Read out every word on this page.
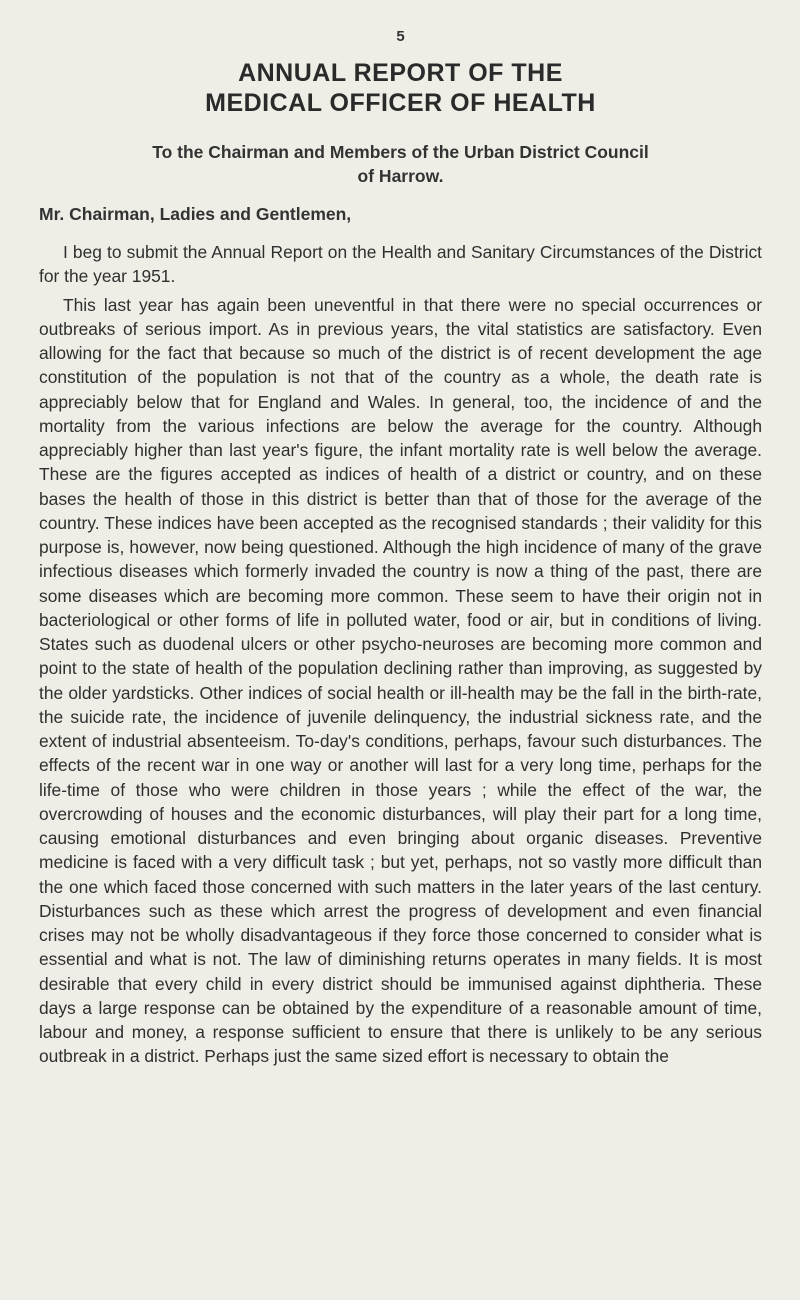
5
ANNUAL REPORT OF THE
MEDICAL OFFICER OF HEALTH
To the Chairman and Members of the Urban District Council
of Harrow.
Mr. Chairman, Ladies and Gentlemen,

I beg to submit the Annual Report on the Health and Sanitary Circumstances of the District for the year 1951.

This last year has again been uneventful in that there were no special occurrences or outbreaks of serious import. As in previous years, the vital statistics are satisfactory. Even allowing for the fact that because so much of the district is of recent development the age constitution of the population is not that of the country as a whole, the death rate is appreciably below that for England and Wales. In general, too, the incidence of and the mortality from the various infections are below the average for the country. Although appreciably higher than last year's figure, the infant mortality rate is well below the average. These are the figures accepted as indices of health of a district or country, and on these bases the health of those in this district is better than that of those for the average of the country. These indices have been accepted as the recognised standards ; their validity for this purpose is, however, now being questioned. Although the high incidence of many of the grave infectious diseases which formerly invaded the country is now a thing of the past, there are some diseases which are becoming more common. These seem to have their origin not in bacteriological or other forms of life in polluted water, food or air, but in conditions of living. States such as duodenal ulcers or other psycho-neuroses are becoming more common and point to the state of health of the population declining rather than improving, as suggested by the older yardsticks. Other indices of social health or ill-health may be the fall in the birth-rate, the suicide rate, the incidence of juvenile delinquency, the industrial sickness rate, and the extent of industrial absenteeism. To-day's conditions, perhaps, favour such disturbances. The effects of the recent war in one way or another will last for a very long time, perhaps for the life-time of those who were children in those years ; while the effect of the war, the overcrowding of houses and the economic disturbances, will play their part for a long time, causing emotional disturbances and even bringing about organic diseases. Preventive medicine is faced with a very difficult task ; but yet, perhaps, not so vastly more difficult than the one which faced those concerned with such matters in the later years of the last century. Disturbances such as these which arrest the progress of development and even financial crises may not be wholly disadvantageous if they force those concerned to consider what is essential and what is not. The law of diminishing returns operates in many fields. It is most desirable that every child in every district should be immunised against diphtheria. These days a large response can be obtained by the expenditure of a reasonable amount of time, labour and money, a response sufficient to ensure that there is unlikely to be any serious outbreak in a district. Perhaps just the same sized effort is necessary to obtain the
